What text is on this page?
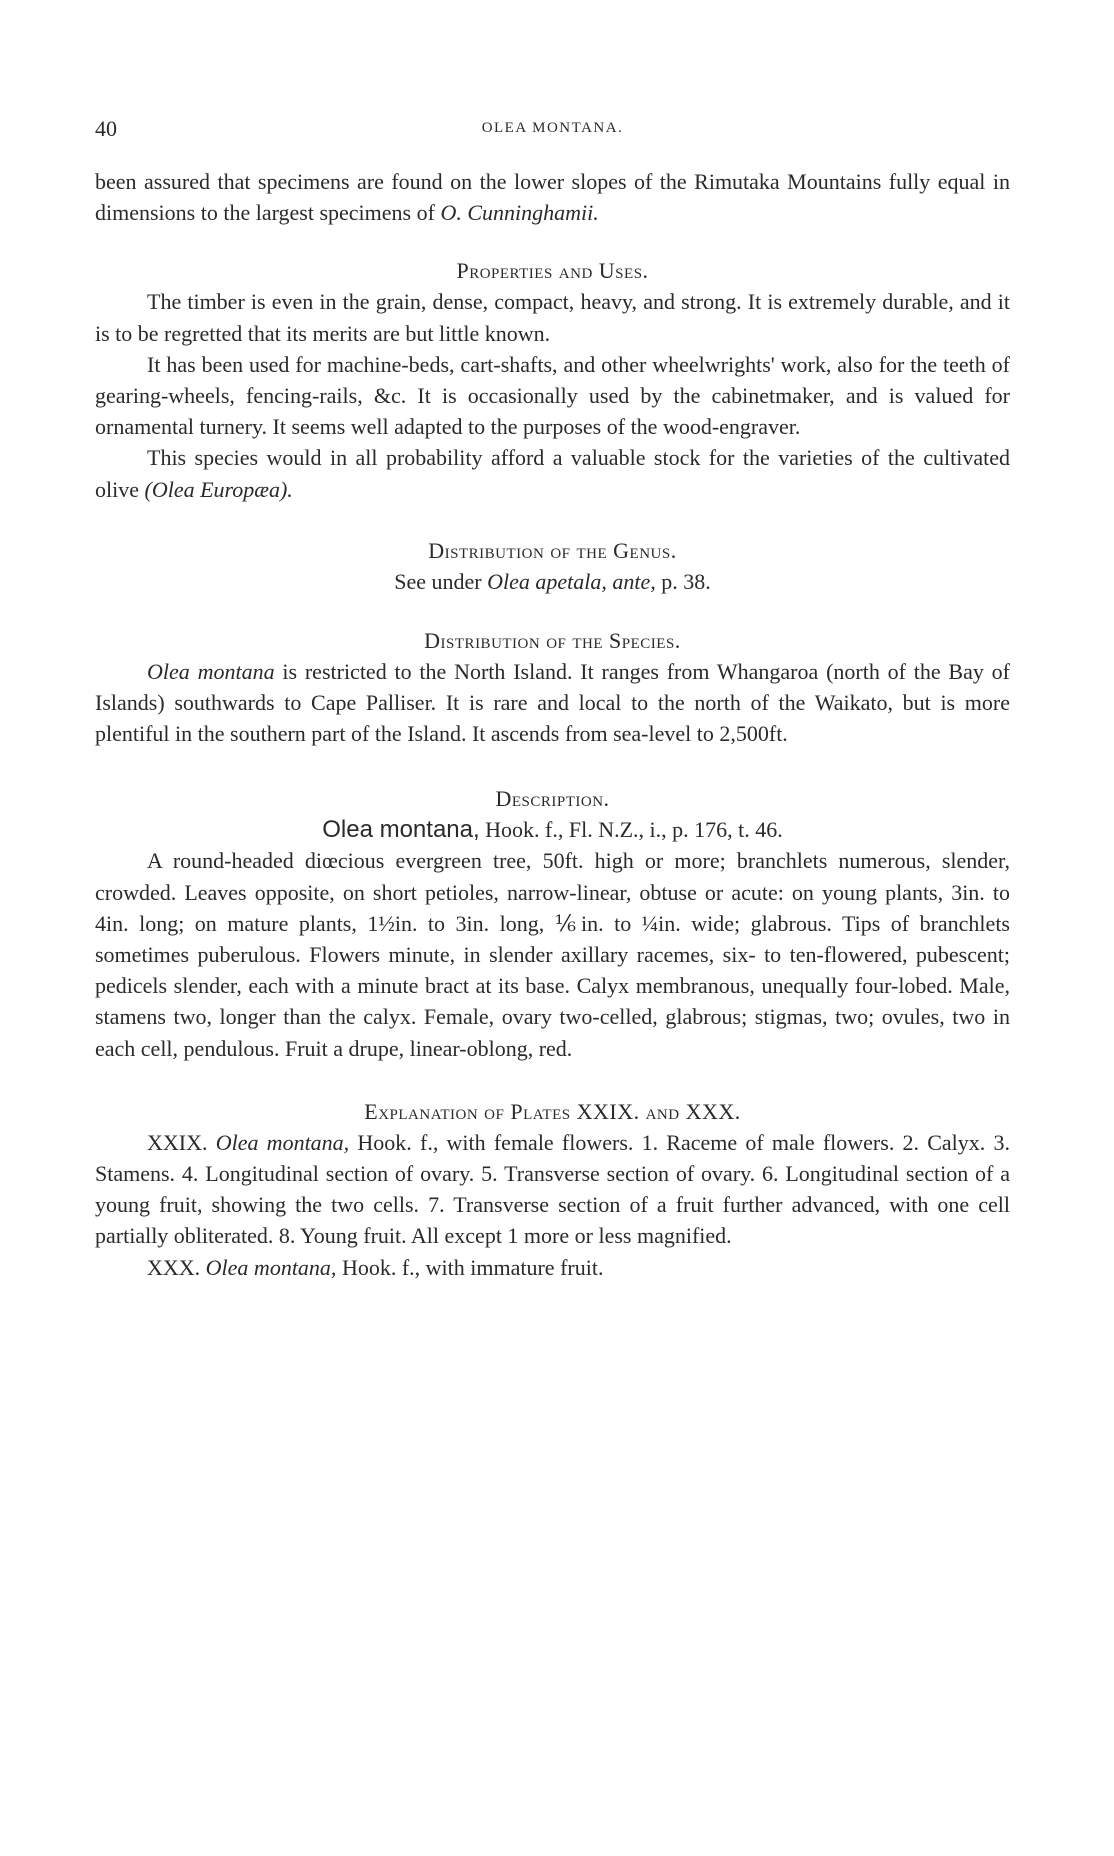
40	OLEA MONTANA.

been assured that specimens are found on the lower slopes of the Rimutaka Mountains fully equal in dimensions to the largest specimens of O. Cunninghamii.

Properties and Uses.

The timber is even in the grain, dense, compact, heavy, and strong. It is extremely durable, and it is to be regretted that its merits are but little known.

It has been used for machine-beds, cart-shafts, and other wheelwrights' work, also for the teeth of gearing-wheels, fencing-rails, &c. It is occasionally used by the cabinetmaker, and is valued for ornamental turnery. It seems well adapted to the purposes of the wood-engraver.

This species would in all probability afford a valuable stock for the varieties of the cultivated olive (Olea Europæa).

Distribution of the Genus.
See under Olea apetala, ante, p. 38.
Distribution of the Species.

Olea montana is restricted to the North Island. It ranges from Whangaroa (north of the Bay of Islands) southwards to Cape Palliser. It is rare and local to the north of the Waikato, but is more plentiful in the southern part of the Island. It ascends from sea-level to 2,500ft.

Description.
Olea montana, Hook. f., Fl. N.Z., i., p. 176, t. 46.

A round-headed diœcious evergreen tree, 50ft. high or more; branchlets numerous, slender, crowded. Leaves opposite, on short petioles, narrow-linear, obtuse or acute: on young plants, 3in. to 4in. long; on mature plants, 1½in. to 3in. long, ⅙in. to ¼in. wide; glabrous. Tips of branchlets sometimes puberulous. Flowers minute, in slender axillary racemes, six- to ten-flowered, pubescent; pedicels slender, each with a minute bract at its base. Calyx membranous, unequally four-lobed. Male, stamens two, longer than the calyx. Female, ovary two-celled, glabrous; stigmas, two; ovules, two in each cell, pendulous. Fruit a drupe, linear-oblong, red.

Explanation of Plates XXIX. and XXX.

XXIX. Olea montana, Hook. f., with female flowers. 1. Raceme of male flowers. 2. Calyx. 3. Stamens. 4. Longitudinal section of ovary. 5. Transverse section of ovary. 6. Longitudinal section of a young fruit, showing the two cells. 7. Transverse section of a fruit further advanced, with one cell partially obliterated. 8. Young fruit. All except 1 more or less magnified.

XXX. Olea montana, Hook. f., with immature fruit.
